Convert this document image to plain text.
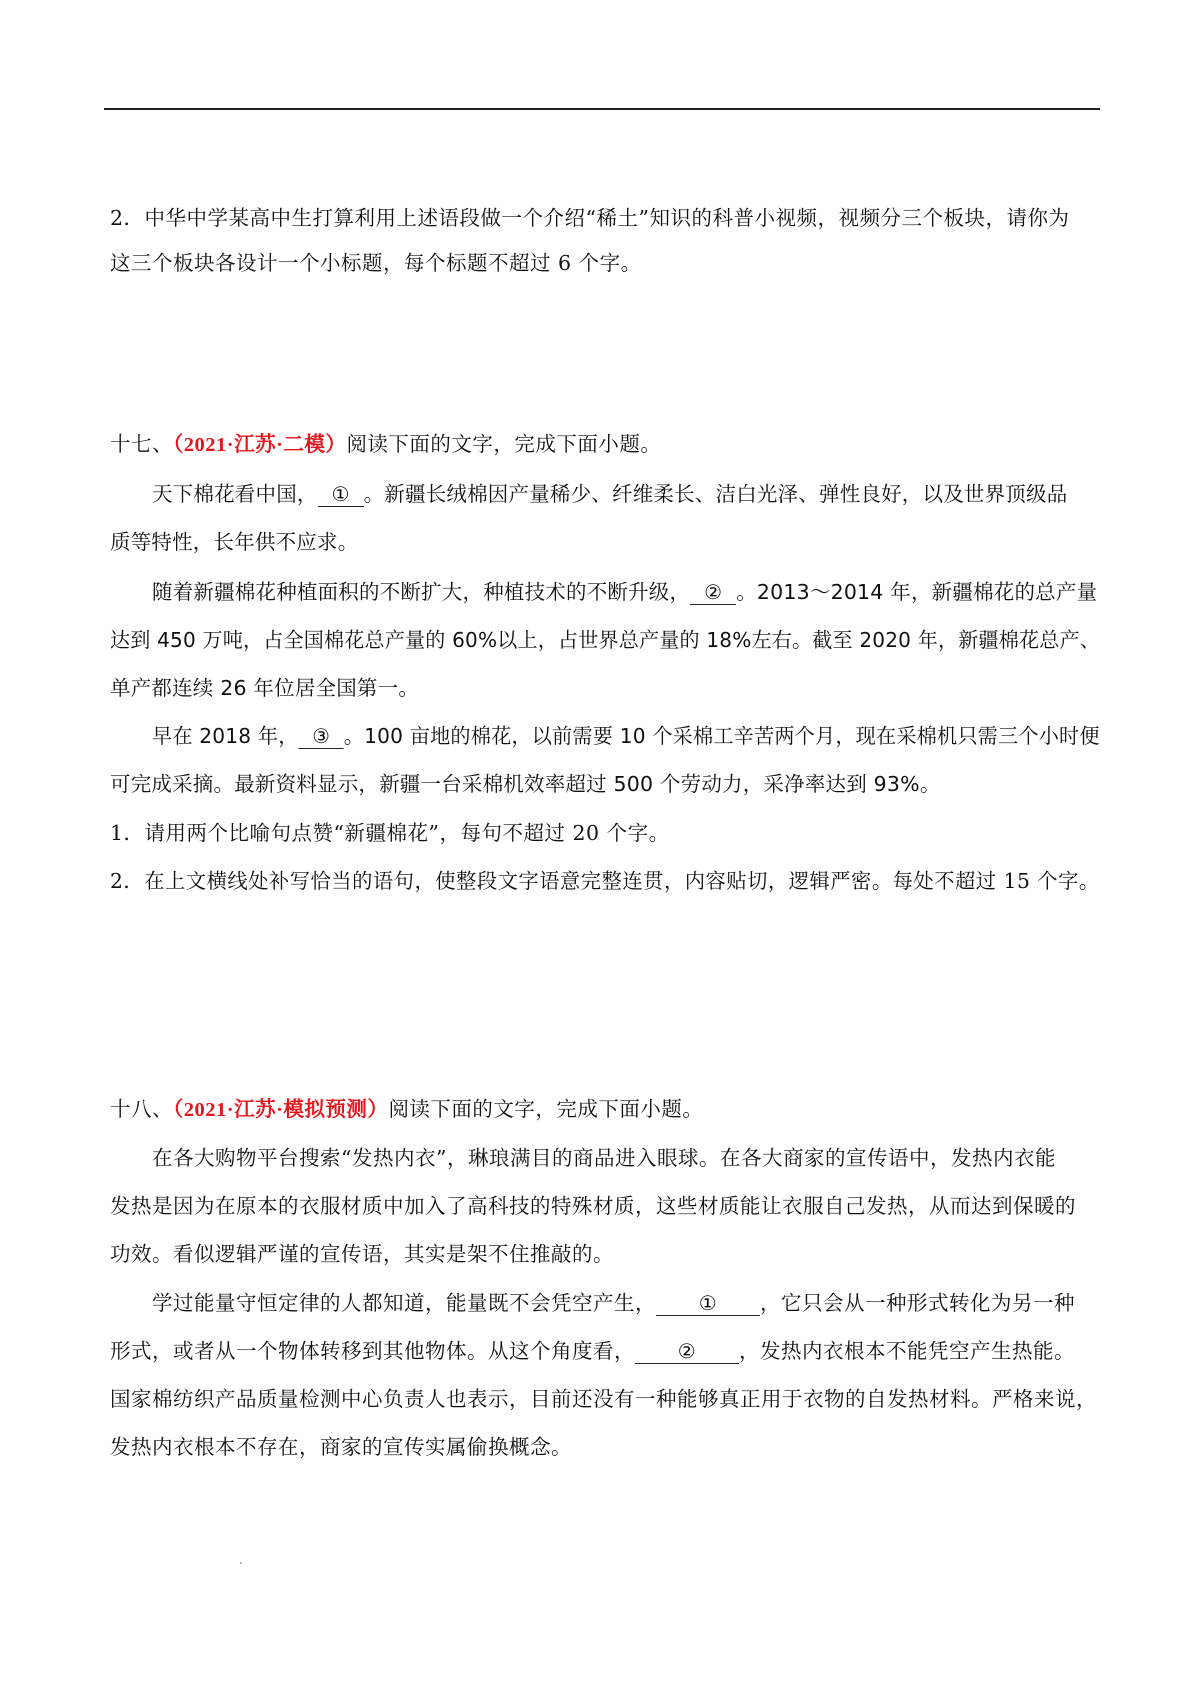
2．中华中学某高中生打算利用上述语段做一个介绍“稀土”知识的科普小视频，视频分三个板块，请你为
这三个板块各设计一个小标题，每个标题不超过 6 个字。
十七、（2021·江苏·二模）阅读下面的文字，完成下面小题。
天下棉花看中国， ① 。新疆长绒棉因产量稀少、纤维柔长、洁白光泽、弹性良好，以及世界顶级品
质等特性，长年供不应求。
随着新疆棉花种植面积的不断扩大，种植技术的不断升级， ② 。2013～2014 年，新疆棉花的总产量
达到 450 万吨，占全国棉花总产量的 60%以上，占世界总产量的 18%左右。截至 2020 年，新疆棉花总产、
单产都连续 26 年位居全国第一。
早在 2018 年， ③ 。100 亩地的棉花，以前需要 10 个采棉工辛苦两个月，现在采棉机只需三个小时便
可完成采摘。最新资料显示，新疆一台采棉机效率超过 500 个劳动力，采净率达到 93%。
1．请用两个比喻句点赞“新疆棉花”，每句不超过 20 个字。
2．在上文横线处补写恰当的语句，使整段文字语意完整连贯，内容贴切，逻辑严密。每处不超过 15 个字。
十八、（2021·江苏·模拟预测）阅读下面的文字，完成下面小题。
在各大购物平台搜索“发热内衣”，琳琅满目的商品进入眼球。在各大商家的宣传语中，发热内衣能
发热是因为在原本的衣服材质中加入了高科技的特殊材质，这些材质能让衣服自己发热，从而达到保暖的
功效。看似逻辑严谨的宣传语，其实是架不住推敲的。
学过能量守恒定律的人都知道，能量既不会凭空产生， ① ，它只会从一种形式转化为另一种
形式，或者从一个物体转移到其他物体。从这个角度看， ② ，发热内衣根本不能凭空产生热能。
国家棉纺织产品质量检测中心负责人也表示，目前还没有一种能够真正用于衣物的自发热材料。严格来说，
发热内衣根本不存在，商家的宣传实属偷换概念。
